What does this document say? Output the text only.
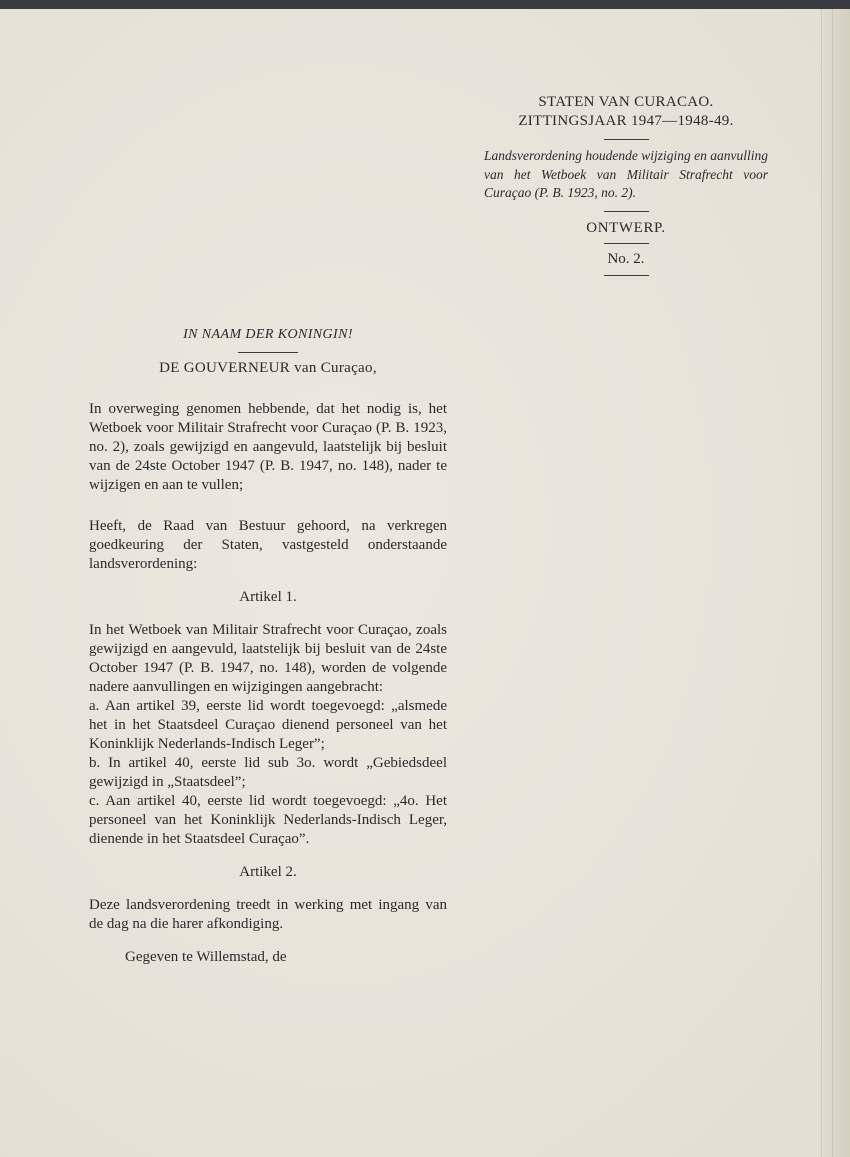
STATEN VAN CURACAO.
ZITTINGSJAAR 1947—1948-49.
Landsverordening houdende wijziging en aanvulling van het Wetboek van Militair Strafrecht voor Curaçao (P. B. 1923, no. 2).
ONTWERP.
No. 2.
IN NAAM DER KONINGIN!
DE GOUVERNEUR van Curaçao,

In overweging genomen hebbende, dat het nodig is, het Wetboek voor Militair Strafrecht voor Curaçao (P. B. 1923, no. 2), zoals gewijzigd en aangevuld, laatstelijk bij besluit van de 24ste October 1947 (P. B. 1947, no. 148), nader te wijzigen en aan te vullen;

Heeft, de Raad van Bestuur gehoord, na verkregen goedkeuring der Staten, vastgesteld onderstaande landsverordening:

Artikel 1.

In het Wetboek van Militair Strafrecht voor Curaçao, zoals gewijzigd en aangevuld, laatstelijk bij besluit van de 24ste October 1947 (P. B. 1947, no. 148), worden de volgende nadere aanvullingen en wijzigingen aangebracht:

a. Aan artikel 39, eerste lid wordt toegevoegd: „alsmede het in het Staatsdeel Curaçao dienend personeel van het Koninklijk Nederlands-Indisch Leger”;

b. In artikel 40, eerste lid sub 3o. wordt „Gebiedsdeel gewijzigd in „Staatsdeel”;

c. Aan artikel 40, eerste lid wordt toegevoegd: „4o. Het personeel van het Koninklijk Nederlands-Indisch Leger, dienende in het Staatsdeel Curaçao”.

Artikel 2.

Deze landsverordening treedt in werking met ingang van de dag na die harer afkondiging.

Gegeven te Willemstad, de
